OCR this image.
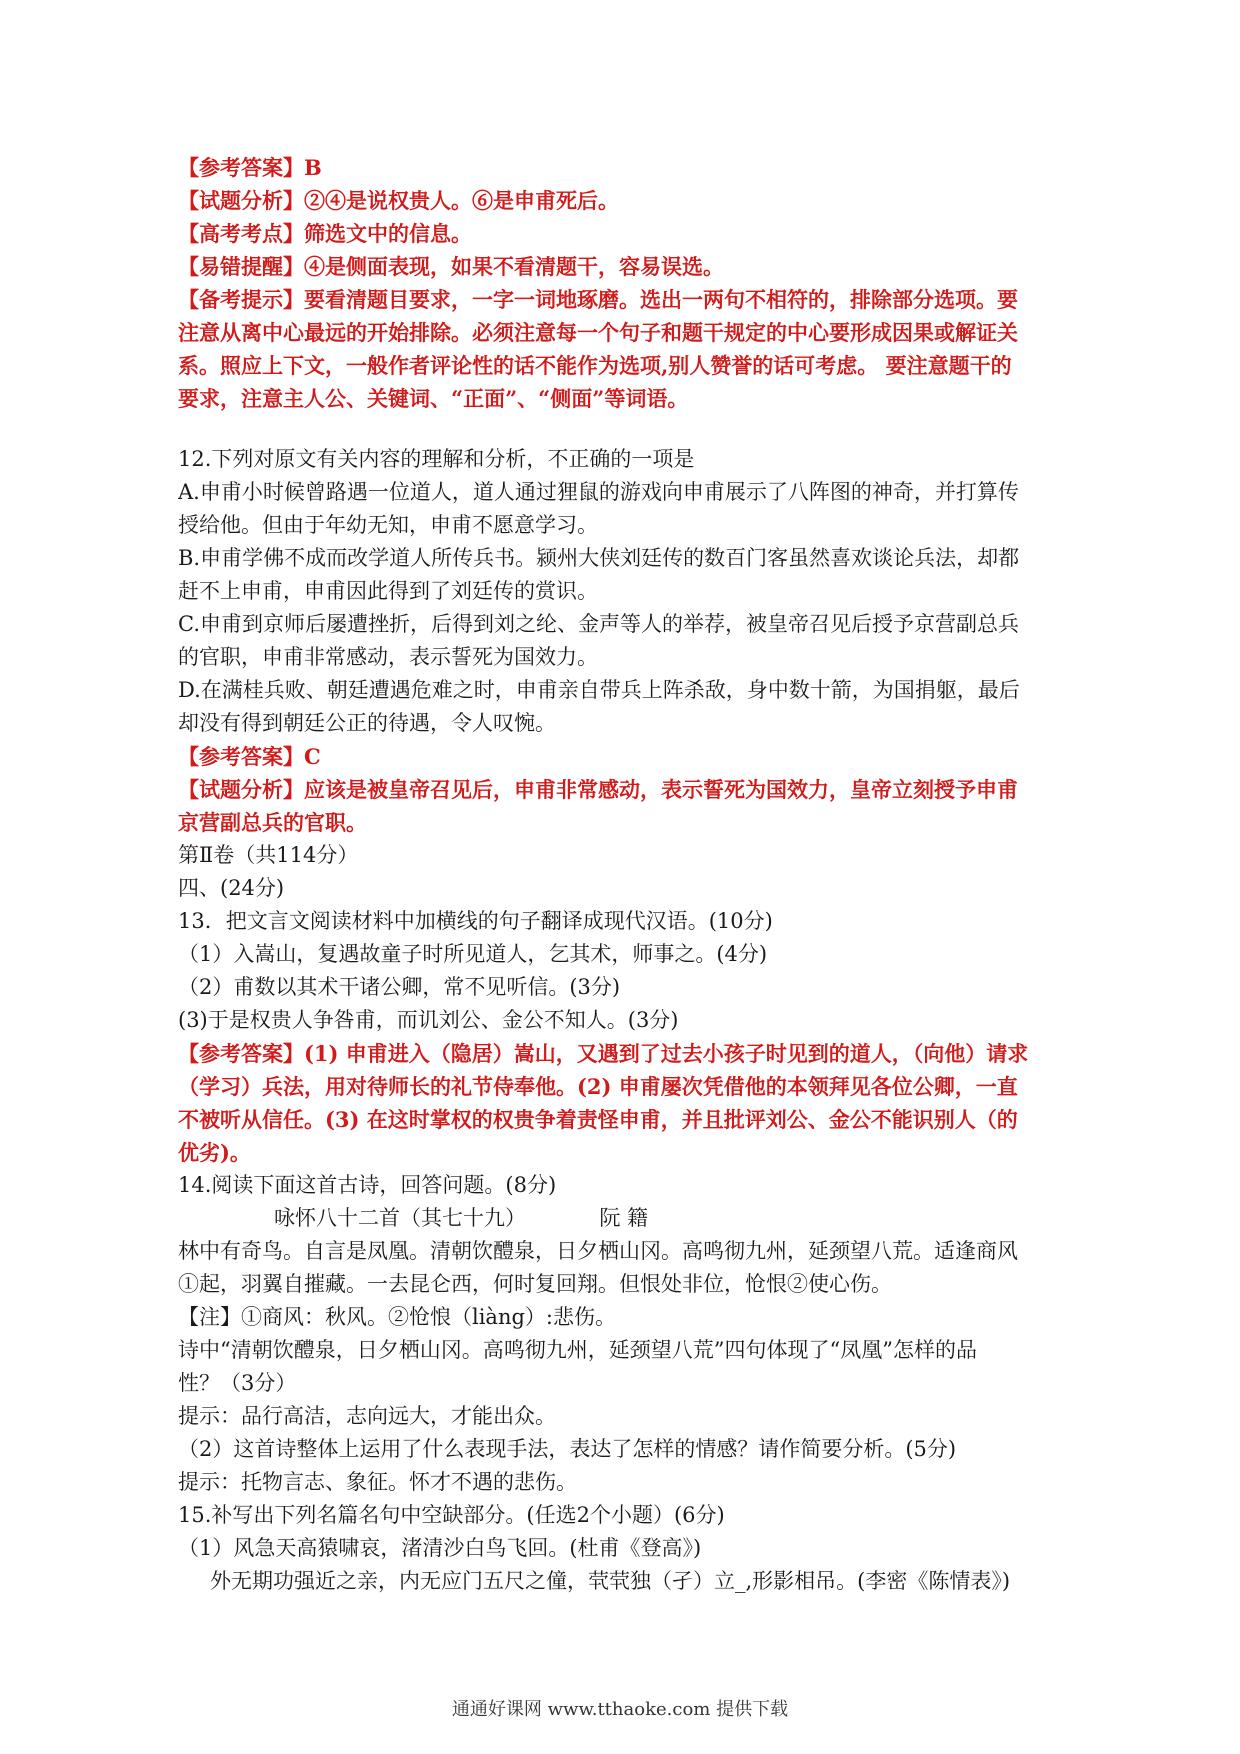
【参考答案】B
【试题分析】②④是说权贵人。⑥是申甫死后。
【高考考点】筛选文中的信息。
【易错提醒】④是侧面表现，如果不看清题干，容易误选。
【备考提示】要看清题目要求，一字一词地琢磨。选出一两句不相符的，排除部分选项。要
注意从离中心最远的开始排除。必须注意每一个句子和题干规定的中心要形成因果或解证关
系。照应上下文，一般作者评论性的话不能作为选项,别人赞誉的话可考虑。 要注意题干的
要求，注意主人公、关键词、“正面”、“侧面”等词语。
12.下列对原文有关内容的理解和分析，不正确的一项是
A.申甫小时候曾路遇一位道人，道人通过狸鼠的游戏向申甫展示了八阵图的神奇，并打算传
授给他。但由于年幼无知，申甫不愿意学习。
B.申甫学佛不成而改学道人所传兵书。颍州大侠刘廷传的数百门客虽然喜欢谈论兵法，却都
赶不上申甫，申甫因此得到了刘廷传的赏识。
C.申甫到京师后屡遭挫折，后得到刘之纶、金声等人的举荐，被皇帝召见后授予京营副总兵
的官职，申甫非常感动，表示誓死为国效力。
D.在满桂兵败、朝廷遭遇危难之时，申甫亲自带兵上阵杀敌，身中数十箭，为国捐躯，最后
却没有得到朝廷公正的待遇，令人叹惋。
【参考答案】C
【试题分析】应该是被皇帝召见后，申甫非常感动，表示誓死为国效力，皇帝立刻授予申甫
京营副总兵的官职。
第Ⅱ卷（共114分）
四、(24分)
13．把文言文阅读材料中加横线的句子翻译成现代汉语。(10分)
（1）入嵩山，复遇故童子时所见道人，乞其术，师事之。(4分)
（2）甫数以其术干诸公卿，常不见听信。(3分)
(3)于是权贵人争咎甫，而讥刘公、金公不知人。(3分)
【参考答案】(1) 申甫进入（隐居）嵩山，又遇到了过去小孩子时见到的道人，（向他）请求
（学习）兵法，用对待师长的礼节侍奉他。(2) 申甫屡次凭借他的本领拜见各位公卿，一直
不被听从信任。(3) 在这时掌权的权贵争着责怪申甫，并且批评刘公、金公不能识别人（的
优劣)。
14.阅读下面这首古诗，回答问题。(8分)
咏怀八十二首（其七十九）	阮 籍
林中有奇鸟。自言是凤凰。清朝饮醴泉，日夕栖山冈。高鸣彻九州，延颈望八荒。适逢商风
①起，羽翼自摧藏。一去昆仑西，何时复回翔。但恨处非位，怆恨②使心伤。
【注】①商风：秋风。②怆悢（liàng）:悲伤。
诗中“清朝饮醴泉，日夕栖山冈。高鸣彻九州，延颈望八荒”四句体现了“凤凰”怎样的品
性？（3分）
提示：品行高洁，志向远大，才能出众。
（2）这首诗整体上运用了什么表现手法，表达了怎样的情感？请作简要分析。(5分)
提示：托物言志、象征。怀才不遇的悲伤。
15.补写出下列名篇名句中空缺部分。(任选2个小题）(6分)
（1）风急天高猿啸哀，渚清沙白鸟飞回。(杜甫《登高》)
外无期功强近之亲，内无应门五尺之僮，茕茕独（孑）立_,形影相吊。(李密《陈情表》)
通通好课网 www.tthaoke.com 提供下载
